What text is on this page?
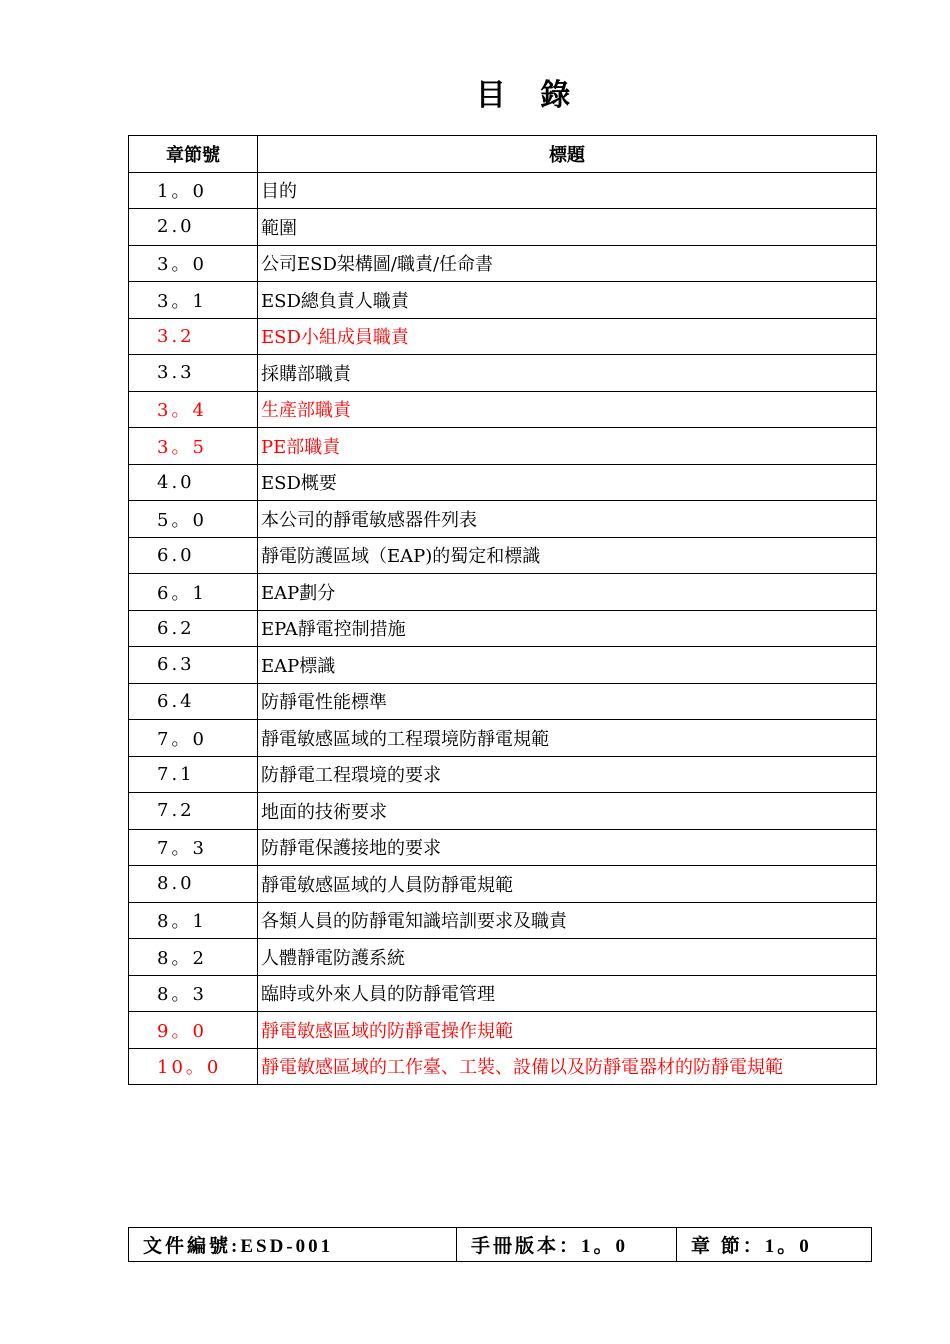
目 錄
章節號	標題
1。0	目的
2.0	範圍
3。0	公司ESD架構圖/職責/任命書
3。1	ESD總負責人職責
3.2	ESD小組成員職責
3.3	採購部職責
3。4	生產部職責
3。5	PE部職責
4.0	ESD概要
5。0	本公司的靜電敏感器件列表
6.0	靜電防護區域（EAP)的蜀定和標識
6。1	EAP劃分
6.2	EPA靜電控制措施
6.3	EAP標識
6.4	防靜電性能標準
7。0	靜電敏感區域的工程環境防靜電規範
7.1	防靜電工程環境的要求
7.2	地面的技術要求
7。3	防靜電保護接地的要求
8.0	靜電敏感區域的人員防靜電規範
8。1	各類人員的防靜電知識培訓要求及職責
8。2	人體靜電防護系統
8。3	臨時或外來人員的防靜電管理
9。0	靜電敏感區域的防靜電操作規範
10。0	靜電敏感區域的工作臺、工裝、設備以及防靜電器材的防靜電規範
文件編號:ESD-001	手冊版本：1。0	章 節：1。0
